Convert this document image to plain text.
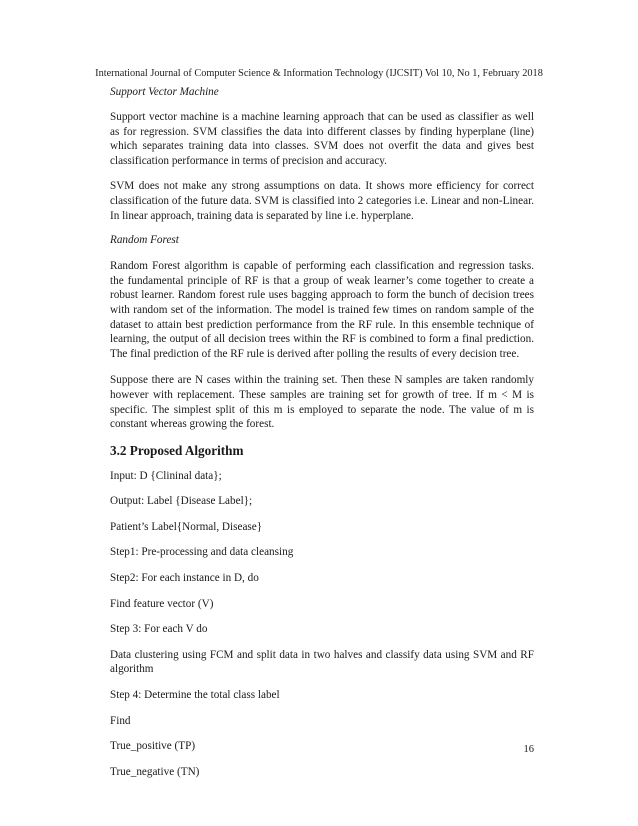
International Journal of Computer Science & Information Technology (IJCSIT) Vol 10, No 1, February 2018

Support Vector Machine

Support vector machine is a machine learning approach that can be used as classifier as well as for regression. SVM classifies the data into different classes by finding hyperplane (line) which separates training data into classes. SVM does not overfit the data and gives best classification performance in terms of precision and accuracy.

SVM does not make any strong assumptions on data. It shows more efficiency for correct classification of the future data. SVM is classified into 2 categories i.e. Linear and non-Linear. In linear approach, training data is separated by line i.e. hyperplane.

Random Forest

Random Forest algorithm is capable of performing each classification and regression tasks. the fundamental principle of RF is that a group of weak learner’s come together to create a robust learner. Random forest rule uses bagging approach to form the bunch of decision trees with random set of the information. The model is trained few times on random sample of the dataset to attain best prediction performance from the RF rule. In this ensemble technique of learning, the output of all decision trees within the RF is combined to form a final prediction. The final prediction of the RF rule is derived after polling the results of every decision tree.

Suppose there are N cases within the training set. Then these N samples are taken randomly however with replacement. These samples are training set for growth of tree. If m < M is specific. The simplest split of this m is employed to separate the node. The value of m is constant whereas growing the forest.

3.2 Proposed Algorithm

Input: D {Clininal data};

Output: Label {Disease Label};

Patient’s Label{Normal, Disease}

Step1: Pre-processing and data cleansing

Step2: For each instance in D, do

Find feature vector (V)

Step 3: For each V do

Data clustering using FCM and split data in two halves and classify data using SVM and RF algorithm

Step 4: Determine the total class label

Find

True_positive (TP)

True_negative (TN)

16
